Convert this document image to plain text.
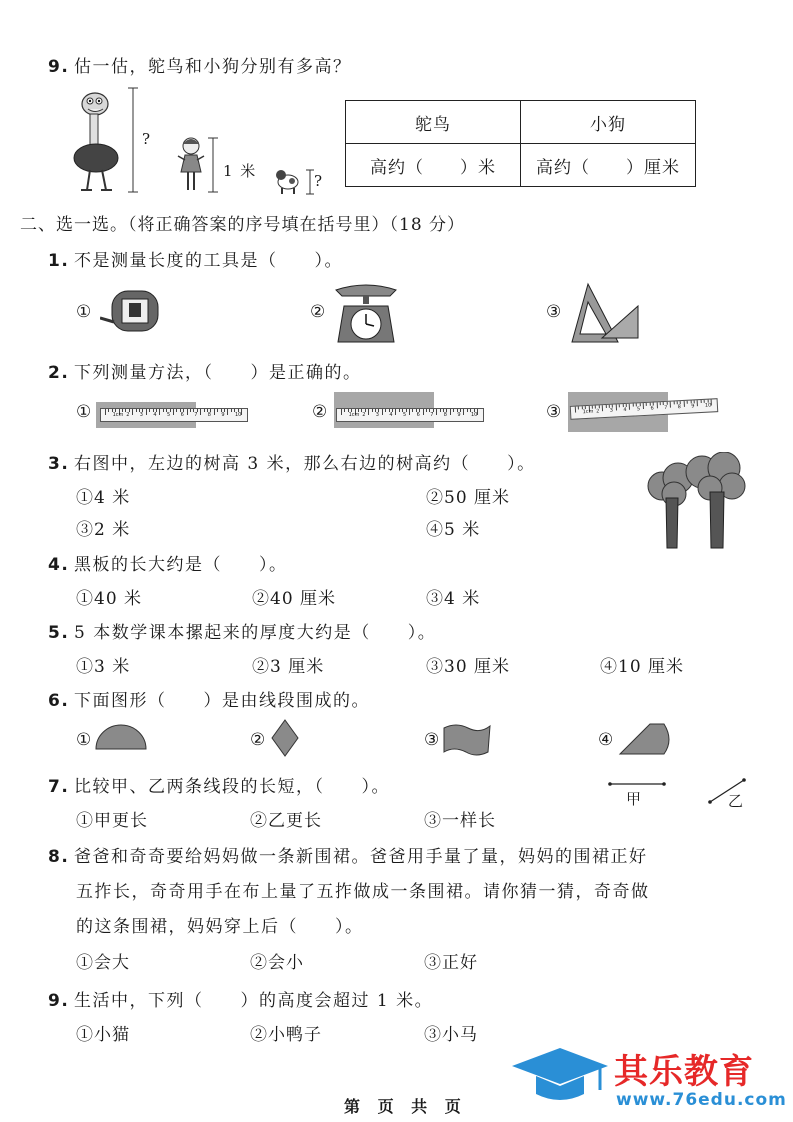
9. 估一估，鸵鸟和小狗分别有多高？
?
1 米
?
鸵鸟	小狗
高约（　　）米	高约（　　）厘米
二、选一选。（将正确答案的序号填在括号里）（18 分）
1. 不是测量长度的工具是（　　）。
①	②	③
2. 下列测量方法，（　　）是正确的。
①	1cm 2 3 4 5 6 7 8 9 10	②	1cm 2 3 4 5 6 7 8 9 10	③	1cm 2 3 4 5 6 7 8 9 10
3. 右图中，左边的树高 3 米，那么右边的树高约（　　）。
①4 米	②50 厘米
③2 米	④5 米
4. 黑板的长大约是（　　）。
①40 米	②40 厘米	③4 米
5. 5 本数学课本摞起来的厚度大约是（　　）。
①3 米	②3 厘米	③30 厘米	④10 厘米
6. 下面图形（　　）是由线段围成的。
①	②	③	④
7. 比较甲、乙两条线段的长短，（　　）。
①甲更长	②乙更长	③一样长
甲	乙
8. 爸爸和奇奇要给妈妈做一条新围裙。爸爸用手量了量，妈妈的围裙正好
五拃长，奇奇用手在布上量了五拃做成一条围裙。请你猜一猜，奇奇做
的这条围裙，妈妈穿上后（　　）。
①会大	②会小	③正好
9. 生活中，下列（　　）的高度会超过 1 米。
①小猫	②小鸭子	③小马
其乐教育
www.76edu.com
第 页 共 页
